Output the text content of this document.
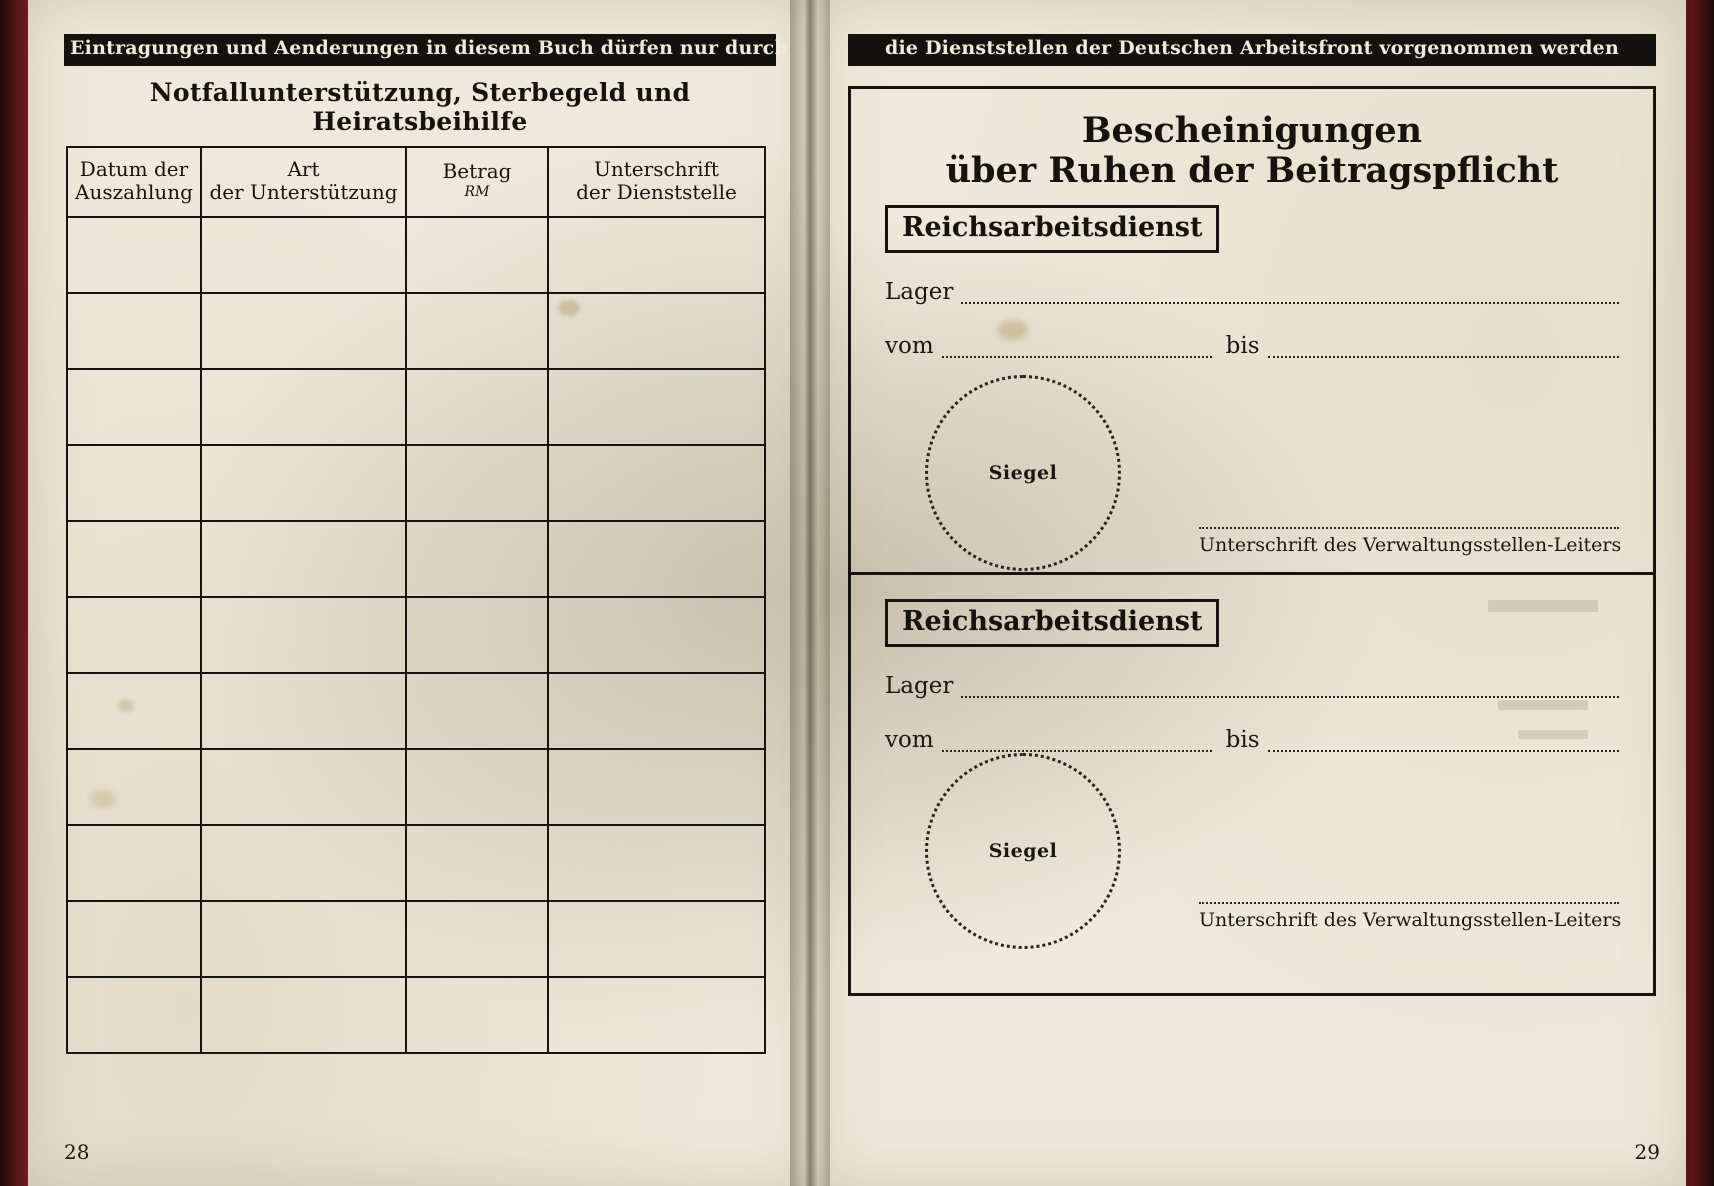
Eintragungen und Aenderungen in diesem Buch dürfen nur durch
Notfallunterstützung, Sterbegeld und Heiratsbeihilfe
Datum der
Auszahlung

Art
der Unterstützung

Betrag
RM

Unterschrift
der Dienststelle

28
die Dienststellen der Deutschen Arbeitsfront vorgenommen werden
Bescheinigungen
über Ruhen der Beitragspflicht
Reichsarbeitsdienst
Lager
vom	bis
Siegel
Unterschrift des Verwaltungsstellen-Leiters
Reichsarbeitsdienst
Lager
vom	bis
Siegel
Unterschrift des Verwaltungsstellen-Leiters
29
